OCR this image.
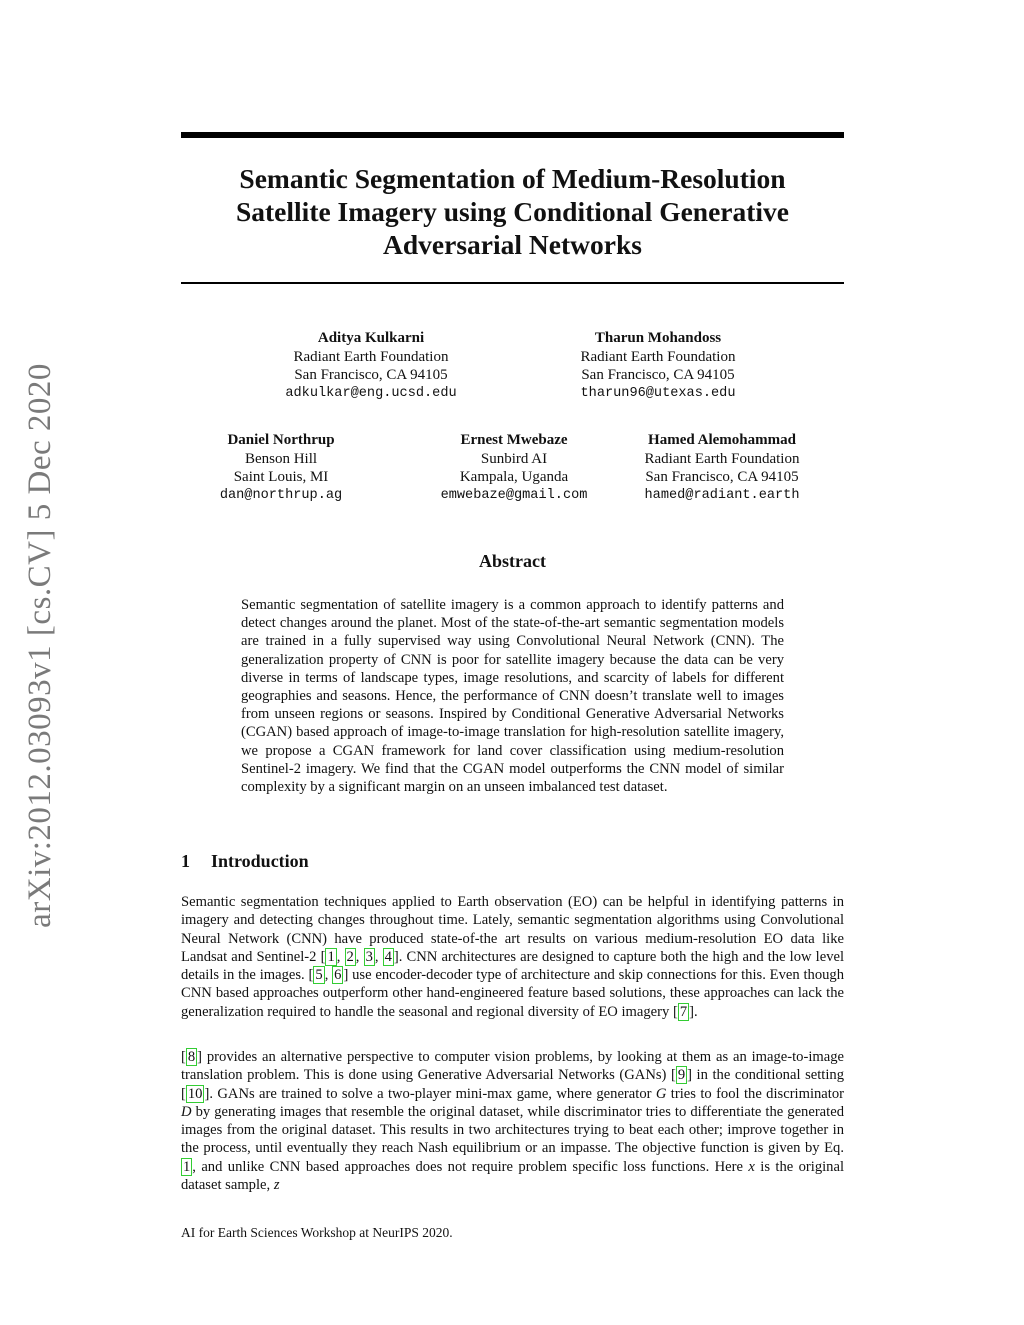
arXiv:2012.03093v1 [cs.CV] 5 Dec 2020
Semantic Segmentation of Medium-Resolution
Satellite Imagery using Conditional Generative
Adversarial Networks
Aditya Kulkarni
Radiant Earth Foundation
San Francisco, CA 94105
adkulkar@eng.ucsd.edu
Tharun Mohandoss
Radiant Earth Foundation
San Francisco, CA 94105
tharun96@utexas.edu
Daniel Northrup
Benson Hill
Saint Louis, MI
dan@northrup.ag
Ernest Mwebaze
Sunbird AI
Kampala, Uganda
emwebaze@gmail.com
Hamed Alemohammad
Radiant Earth Foundation
San Francisco, CA 94105
hamed@radiant.earth
Abstract
Semantic segmentation of satellite imagery is a common approach to identify patterns and detect changes around the planet. Most of the state-of-the-art semantic segmentation models are trained in a fully supervised way using Convolutional Neural Network (CNN). The generalization property of CNN is poor for satellite imagery because the data can be very diverse in terms of landscape types, image resolutions, and scarcity of labels for different geographies and seasons. Hence, the performance of CNN doesn’t translate well to images from unseen regions or seasons. Inspired by Conditional Generative Adversarial Networks (CGAN) based approach of image-to-image translation for high-resolution satellite imagery, we propose a CGAN framework for land cover classification using medium-resolution Sentinel-2 imagery. We find that the CGAN model outperforms the CNN model of similar complexity by a significant margin on an unseen imbalanced test dataset.
1 Introduction
Semantic segmentation techniques applied to Earth observation (EO) can be helpful in identifying patterns in imagery and detecting changes throughout time. Lately, semantic segmentation algorithms using Convolutional Neural Network (CNN) have produced state-of-the art results on various medium-resolution EO data like Landsat and Sentinel-2 [ 1 , 2 , 3 , 4 ]. CNN architectures are designed to capture both the high and the low level details in the images. [ 5 , 6 ] use encoder-decoder type of architecture and skip connections for this. Even though CNN based approaches outperform other hand-engineered feature based solutions, these approaches can lack the generalization required to handle the seasonal and regional diversity of EO imagery [ 7 ].
[ 8 ] provides an alternative perspective to computer vision problems, by looking at them as an image-to-image translation problem. This is done using Generative Adversarial Networks (GANs) [ 9 ] in the conditional setting [ 10 ]. GANs are trained to solve a two-player mini-max game, where generator G tries to fool the discriminator D by generating images that resemble the original dataset, while discriminator tries to differentiate the generated images from the original dataset. This results in two architectures trying to beat each other; improve together in the process, until eventually they reach Nash equilibrium or an impasse. The objective function is given by Eq. 1 , and unlike CNN based approaches does not require problem specific loss functions. Here x is the original dataset sample, z
AI for Earth Sciences Workshop at NeurIPS 2020.
